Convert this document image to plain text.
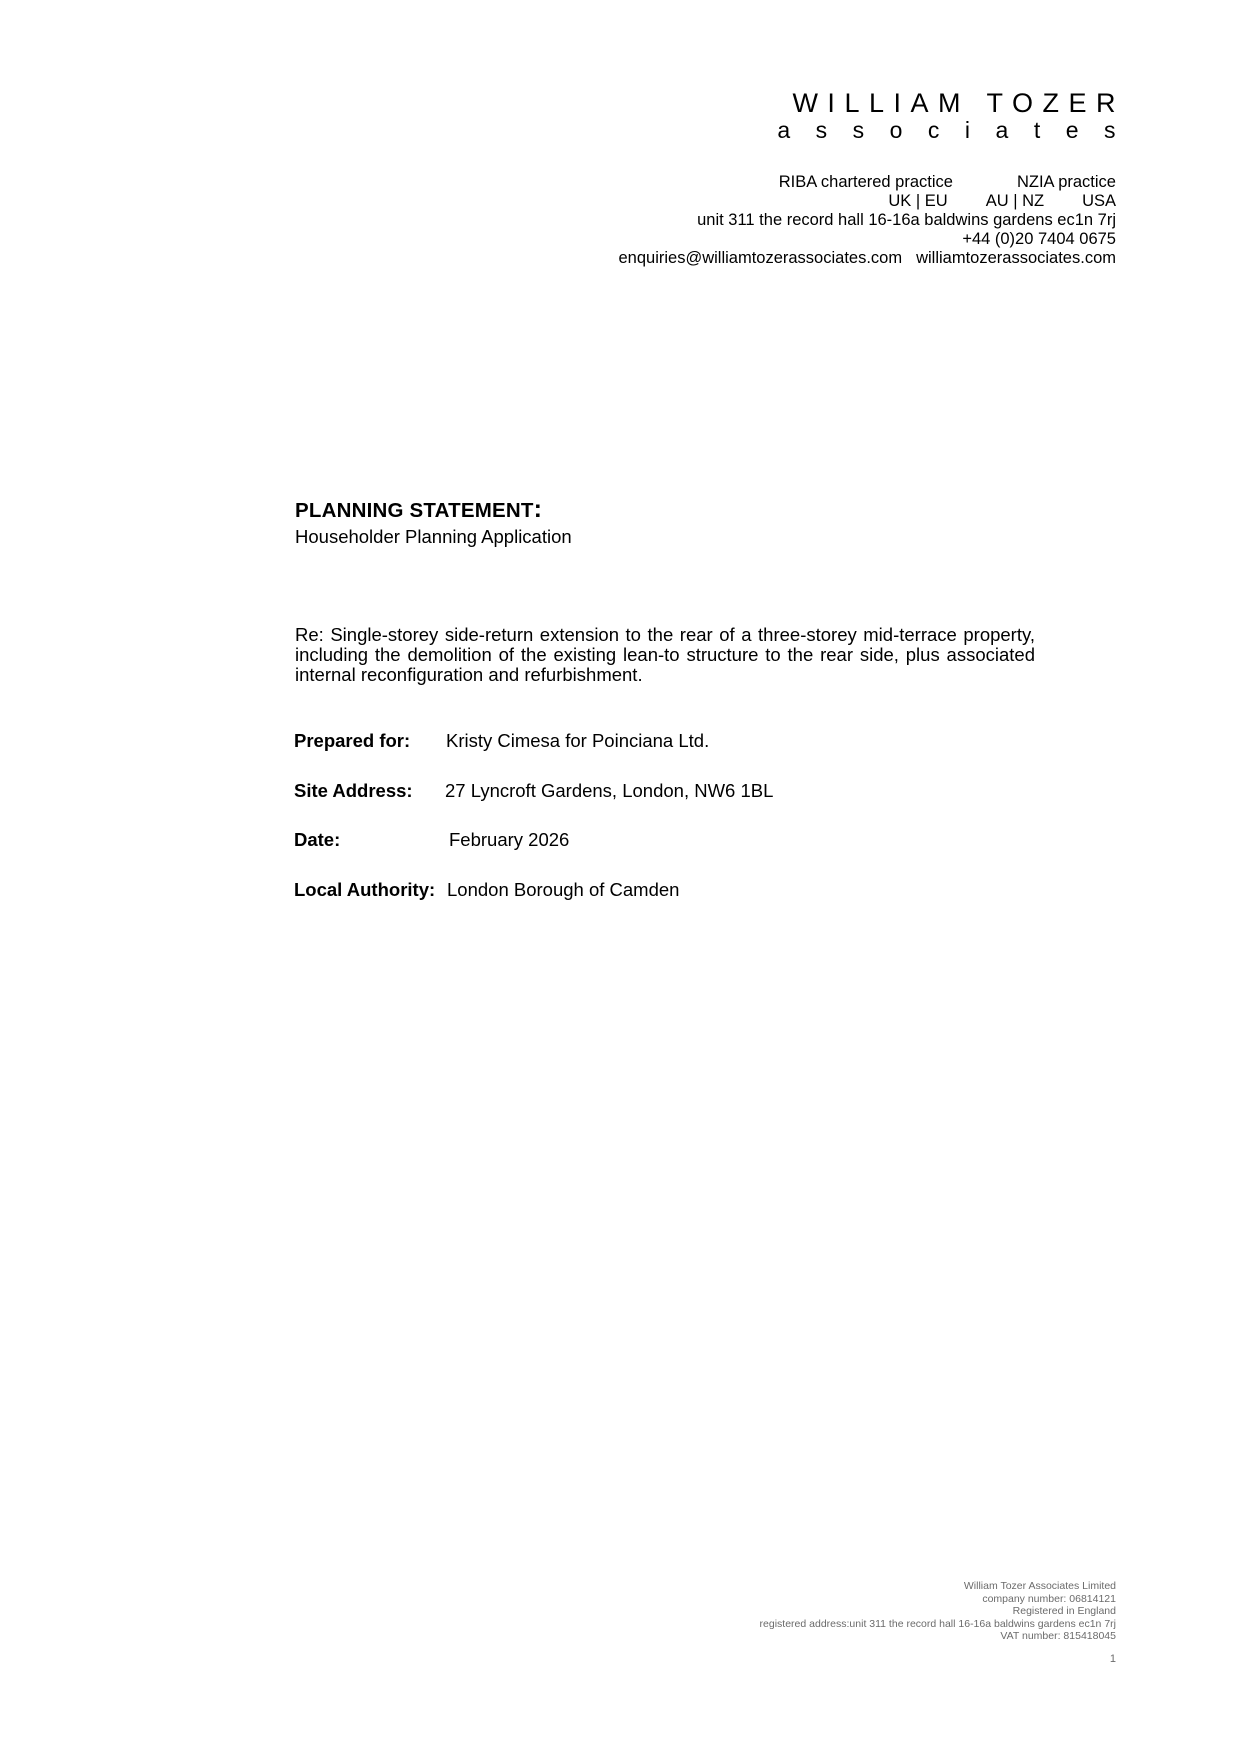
WILLIAM TOZER
associates
RIBA chartered practice	NZIA practice
UK | EU AU | NZ USA
unit 311 the record hall 16-16a baldwins gardens ec1n 7rj
+44 (0)20 7404 0675
enquiries@williamtozerassociates.com williamtozerassociates.com
PLANNING STATEMENT:
Householder Planning Application
Re: Single-storey side-return extension to the rear of a three-storey mid-terrace property, including the demolition of the existing lean-to structure to the rear side, plus associated internal reconfiguration and refurbishment.
Prepared for: Kristy Cimesa for Poinciana Ltd.
Site Address: 27 Lyncroft Gardens, London, NW6 1BL
Date:	February 2026
Local Authority: London Borough of Camden
William Tozer Associates Limited
company number: 06814121
Registered in England
registered address:unit 311 the record hall 16-16a baldwins gardens ec1n 7rj
VAT number: 815418045
1
